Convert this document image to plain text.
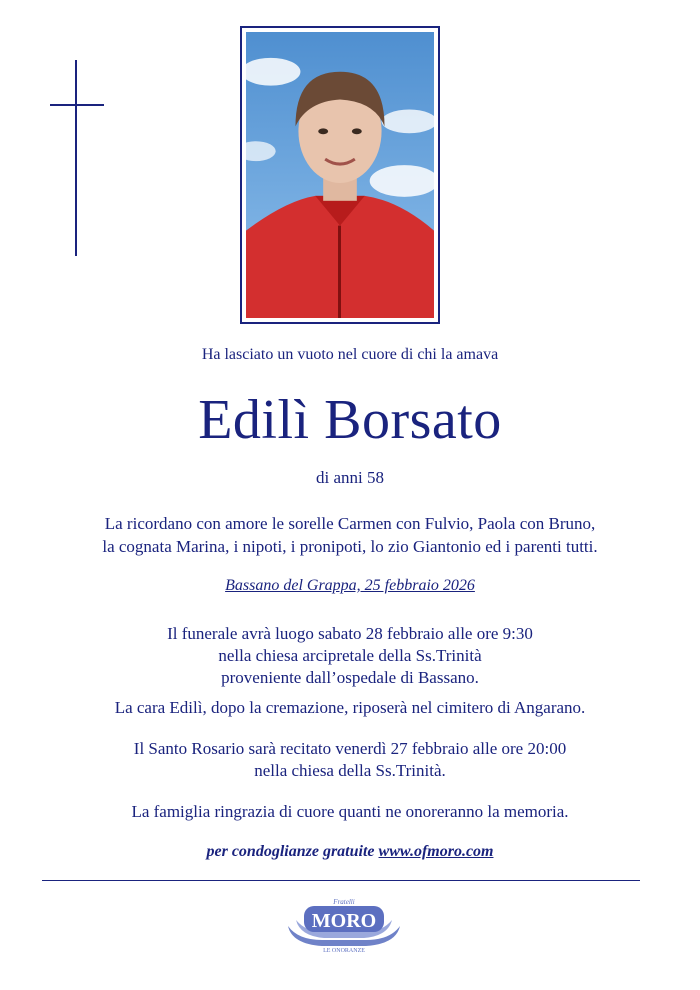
Ha lasciato un vuoto nel cuore di chi la amava
Edilì Borsato
di anni 58
La ricordano con amore le sorelle Carmen con Fulvio, Paola con Bruno,
la cognata Marina, i nipoti, i pronipoti, lo zio Giantonio ed i parenti tutti.
Bassano del Grappa, 25 febbraio 2026
Il funerale avrà luogo sabato 28 febbraio alle ore 9:30
nella chiesa arcipretale della Ss.Trinità
proveniente dall’ospedale di Bassano.
La cara Edilì, dopo la cremazione, riposerà nel cimitero di Angarano.
Il Santo Rosario sarà recitato venerdì 27 febbraio alle ore 20:00
nella chiesa della Ss.Trinità.
La famiglia ringrazia di cuore quanti ne onoreranno la memoria.
per condoglianze gratuite www.ofmoro.com
Fratelli
MORO
LE ONORANZE
